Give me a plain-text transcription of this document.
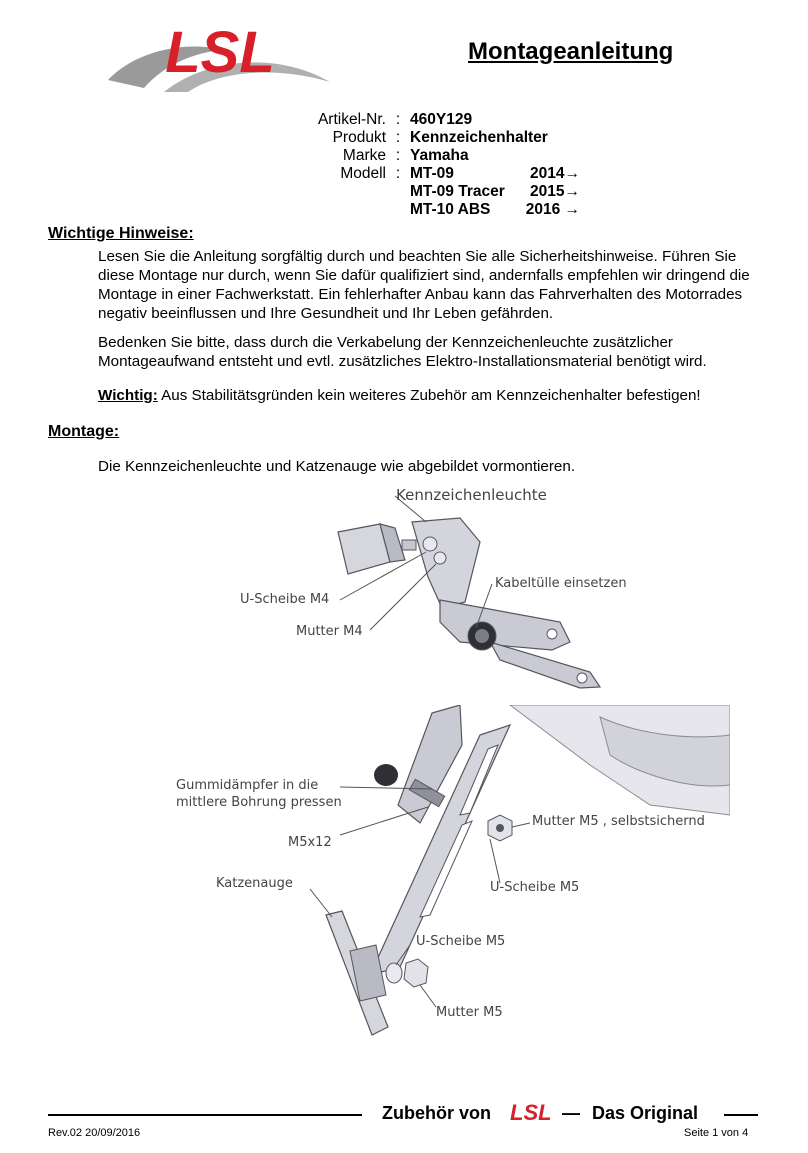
LSL	Montageanleitung
Artikel-Nr. : 460Y129
Produkt : Kennzeichenhalter
Marke : Yamaha
Modell : MT-09	2014→
MT-09 Tracer 2015→
MT-10 ABS 2016 →
Wichtige Hinweise:
Lesen Sie die Anleitung sorgfältig durch und beachten Sie alle Sicherheitshinweise. Führen Sie diese Montage nur durch, wenn Sie dafür qualifiziert sind, andernfalls empfehlen wir dringend die Montage in einer Fachwerkstatt. Ein fehlerhafter Anbau kann das Fahrverhalten des Motorrades negativ beeinflussen und Ihre Gesundheit und Ihr Leben gefährden.
Bedenken Sie bitte, dass durch die Verkabelung der Kennzeichenleuchte zusätzlicher Montageaufwand entsteht und evtl. zusätzliches Elektro-Installationsmaterial benötigt wird.
Wichtig: Aus Stabilitätsgründen kein weiteres Zubehör am Kennzeichenhalter befestigen!
Montage:
Die Kennzeichenleuchte und Katzenauge wie abgebildet vormontieren.
Kennzeichenleuchte
Kabeltülle einsetzen
U-Scheibe M4
Mutter M4
Gummidämpfer in die
mittlere Bohrung pressen
M5x12
Mutter M5 , selbstsichernd
U-Scheibe M5
Katzenauge
U-Scheibe M5
Mutter M5
Zubehör von LSL — Das Original
Rev.02 20/09/2016	Seite 1 von 4
